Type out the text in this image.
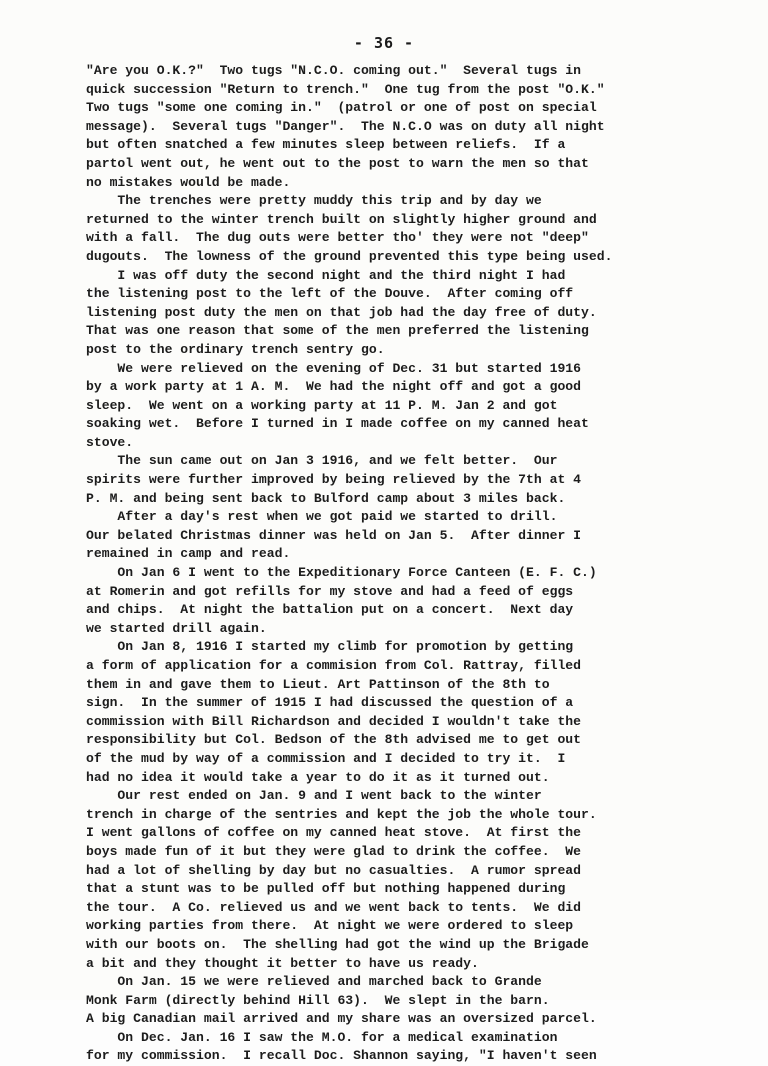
- 36 -
"Are you O.K.?"  Two tugs "N.C.O. coming out."  Several tugs in
quick succession "Return to trench."  One tug from the post "O.K."
Two tugs "some one coming in."  (patrol or one of post on special
message).  Several tugs "Danger".  The N.C.O was on duty all night
but often snatched a few minutes sleep between reliefs.  If a
partol went out, he went out to the post to warn the men so that
no mistakes would be made.
The trenches were pretty muddy this trip and by day we
returned to the winter trench built on slightly higher ground and
with a fall.  The dug outs were better tho' they were not "deep"
dugouts.  The lowness of the ground prevented this type being used.
I was off duty the second night and the third night I had
the listening post to the left of the Douve.  After coming off
listening post duty the men on that job had the day free of duty.
That was one reason that some of the men preferred the listening
post to the ordinary trench sentry go.
We were relieved on the evening of Dec. 31 but started 1916
by a work party at 1 A. M.  We had the night off and got a good
sleep.  We went on a working party at 11 P. M. Jan 2 and got
soaking wet.  Before I turned in I made coffee on my canned heat
stove.
The sun came out on Jan 3 1916, and we felt better.  Our
spirits were further improved by being relieved by the 7th at 4
P. M. and being sent back to Bulford camp about 3 miles back.
After a day's rest when we got paid we started to drill.
Our belated Christmas dinner was held on Jan 5.  After dinner I
remained in camp and read.
On Jan 6 I went to the Expeditionary Force Canteen (E. F. C.)
at Romerin and got refills for my stove and had a feed of eggs
and chips.  At night the battalion put on a concert.  Next day
we started drill again.
On Jan 8, 1916 I started my climb for promotion by getting
a form of application for a commision from Col. Rattray, filled
them in and gave them to Lieut. Art Pattinson of the 8th to
sign.  In the summer of 1915 I had discussed the question of a
commission with Bill Richardson and decided I wouldn't take the
responsibility but Col. Bedson of the 8th advised me to get out
of the mud by way of a commission and I decided to try it.  I
had no idea it would take a year to do it as it turned out.
Our rest ended on Jan. 9 and I went back to the winter
trench in charge of the sentries and kept the job the whole tour.
I went gallons of coffee on my canned heat stove.  At first the
boys made fun of it but they were glad to drink the coffee.  We
had a lot of shelling by day but no casualties.  A rumor spread
that a stunt was to be pulled off but nothing happened during
the tour.  A Co. relieved us and we went back to tents.  We did
working parties from there.  At night we were ordered to sleep
with our boots on.  The shelling had got the wind up the Brigade
a bit and they thought it better to have us ready.
On Jan. 15 we were relieved and marched back to Grande
Monk Farm (directly behind Hill 63).  We slept in the barn.
A big Canadian mail arrived and my share was an oversized parcel.
On Dec. Jan. 16 I saw the M.O. for a medical examination
for my commission.  I recall Doc. Shannon saying, "I haven't seen
